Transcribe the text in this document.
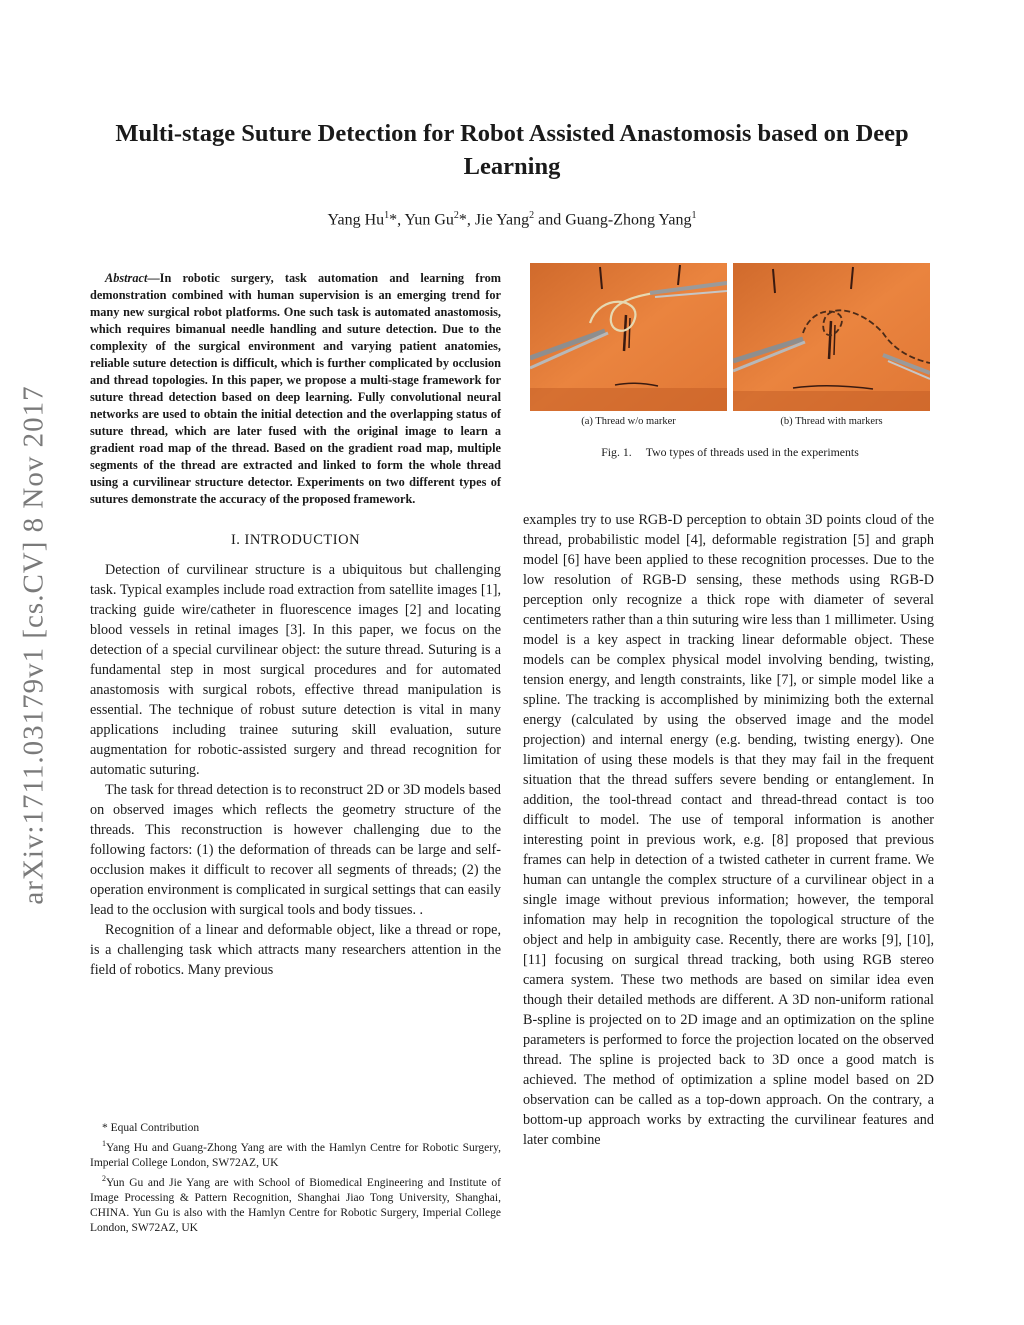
arXiv:1711.03179v1 [cs.CV] 8 Nov 2017
Multi-stage Suture Detection for Robot Assisted Anastomosis based on Deep Learning

Yang Hu$^1$*, Yun Gu$^2$*, Jie Yang$^2$ and Guang-Zhong Yang$^1$

Abstract—In robotic surgery, task automation and learning from demonstration combined with human supervision is an emerging trend for many new surgical robot platforms. One such task is automated anastomosis, which requires bimanual needle handling and suture detection. Due to the complexity of the surgical environment and varying patient anatomies, reliable suture detection is difficult, which is further complicated by occlusion and thread topologies. In this paper, we propose a multi-stage framework for suture thread detection based on deep learning. Fully convolutional neural networks are used to obtain the initial detection and the overlapping status of suture thread, which are later fused with the original image to learn a gradient road map of the thread. Based on the gradient road map, multiple segments of the thread are extracted and linked to form the whole thread using a curvilinear structure detector. Experiments on two different types of sutures demonstrate the accuracy of the proposed framework.

I. INTRODUCTION

Detection of curvilinear structure is a ubiquitous but challenging task. Typical examples include road extraction from satellite images [1], tracking guide wire/catheter in fluorescence images [2] and locating blood vessels in retinal images [3]. In this paper, we focus on the detection of a special curvilinear object: the suture thread. Suturing is a fundamental step in most surgical procedures and for automated anastomosis with surgical robots, effective thread manipulation is essential. The technique of robust suture detection is vital in many applications including trainee suturing skill evaluation, suture augmentation for robotic-assisted surgery and thread recognition for automatic suturing.

The task for thread detection is to reconstruct 2D or 3D models based on observed images which reflects the geometry structure of the threads. This reconstruction is however challenging due to the following factors: (1) the deformation of threads can be large and self-occlusion makes it difficult to recover all segments of threads; (2) the operation environment is complicated in surgical settings that can easily lead to the occlusion with surgical tools and body tissues. .

Recognition of a linear and deformable object, like a thread or rope, is a challenging task which attracts many researchers attention in the field of robotics. Many previous

* Equal Contribution

$^1$Yang Hu and Guang-Zhong Yang are with the Hamlyn Centre for Robotic Surgery, Imperial College London, SW72AZ, UK

$^2$Yun Gu and Jie Yang are with School of Biomedical Engineering and Institute of Image Processing & Pattern Recognition, Shanghai Jiao Tong University, Shanghai, CHINA. Yun Gu is also with the Hamlyn Centre for Robotic Surgery, Imperial College London, SW72AZ, UK

(a) Thread w/o marker	(b) Thread with markers
Fig. 1. Two types of threads used in the experiments

examples try to use RGB-D perception to obtain 3D points cloud of the thread, probabilistic model [4], deformable registration [5] and graph model [6] have been applied to these recognition processes. Due to the low resolution of RGB-D sensing, these methods using RGB-D perception only recognize a thick rope with diameter of several centimeters rather than a thin suturing wire less than 1 millimeter. Using model is a key aspect in tracking linear deformable object. These models can be complex physical model involving bending, twisting, tension energy, and length constraints, like [7], or simple model like a spline. The tracking is accomplished by minimizing both the external energy (calculated by using the observed image and the model projection) and internal energy (e.g. bending, twisting energy). One limitation of using these models is that they may fail in the frequent situation that the thread suffers severe bending or entanglement. In addition, the tool-thread contact and thread-thread contact is too difficult to model. The use of temporal information is another interesting point in previous work, e.g. [8] proposed that previous frames can help in detection of a twisted catheter in current frame. We human can untangle the complex structure of a curvilinear object in a single image without previous information; however, the temporal infomation may help in recognition the topological structure of the object and help in ambiguity case. Recently, there are works [9], [10], [11] focusing on surgical thread tracking, both using RGB stereo camera system. These two methods are based on similar idea even though their detailed methods are different. A 3D non-uniform rational B-spline is projected on to 2D image and an optimization on the spline parameters is performed to force the projection located on the observed thread. The spline is projected back to 3D once a good match is achieved. The method of optimization a spline model based on 2D observation can be called as a top-down approach. On the contrary, a bottom-up approach works by extracting the curvilinear features and later combine
